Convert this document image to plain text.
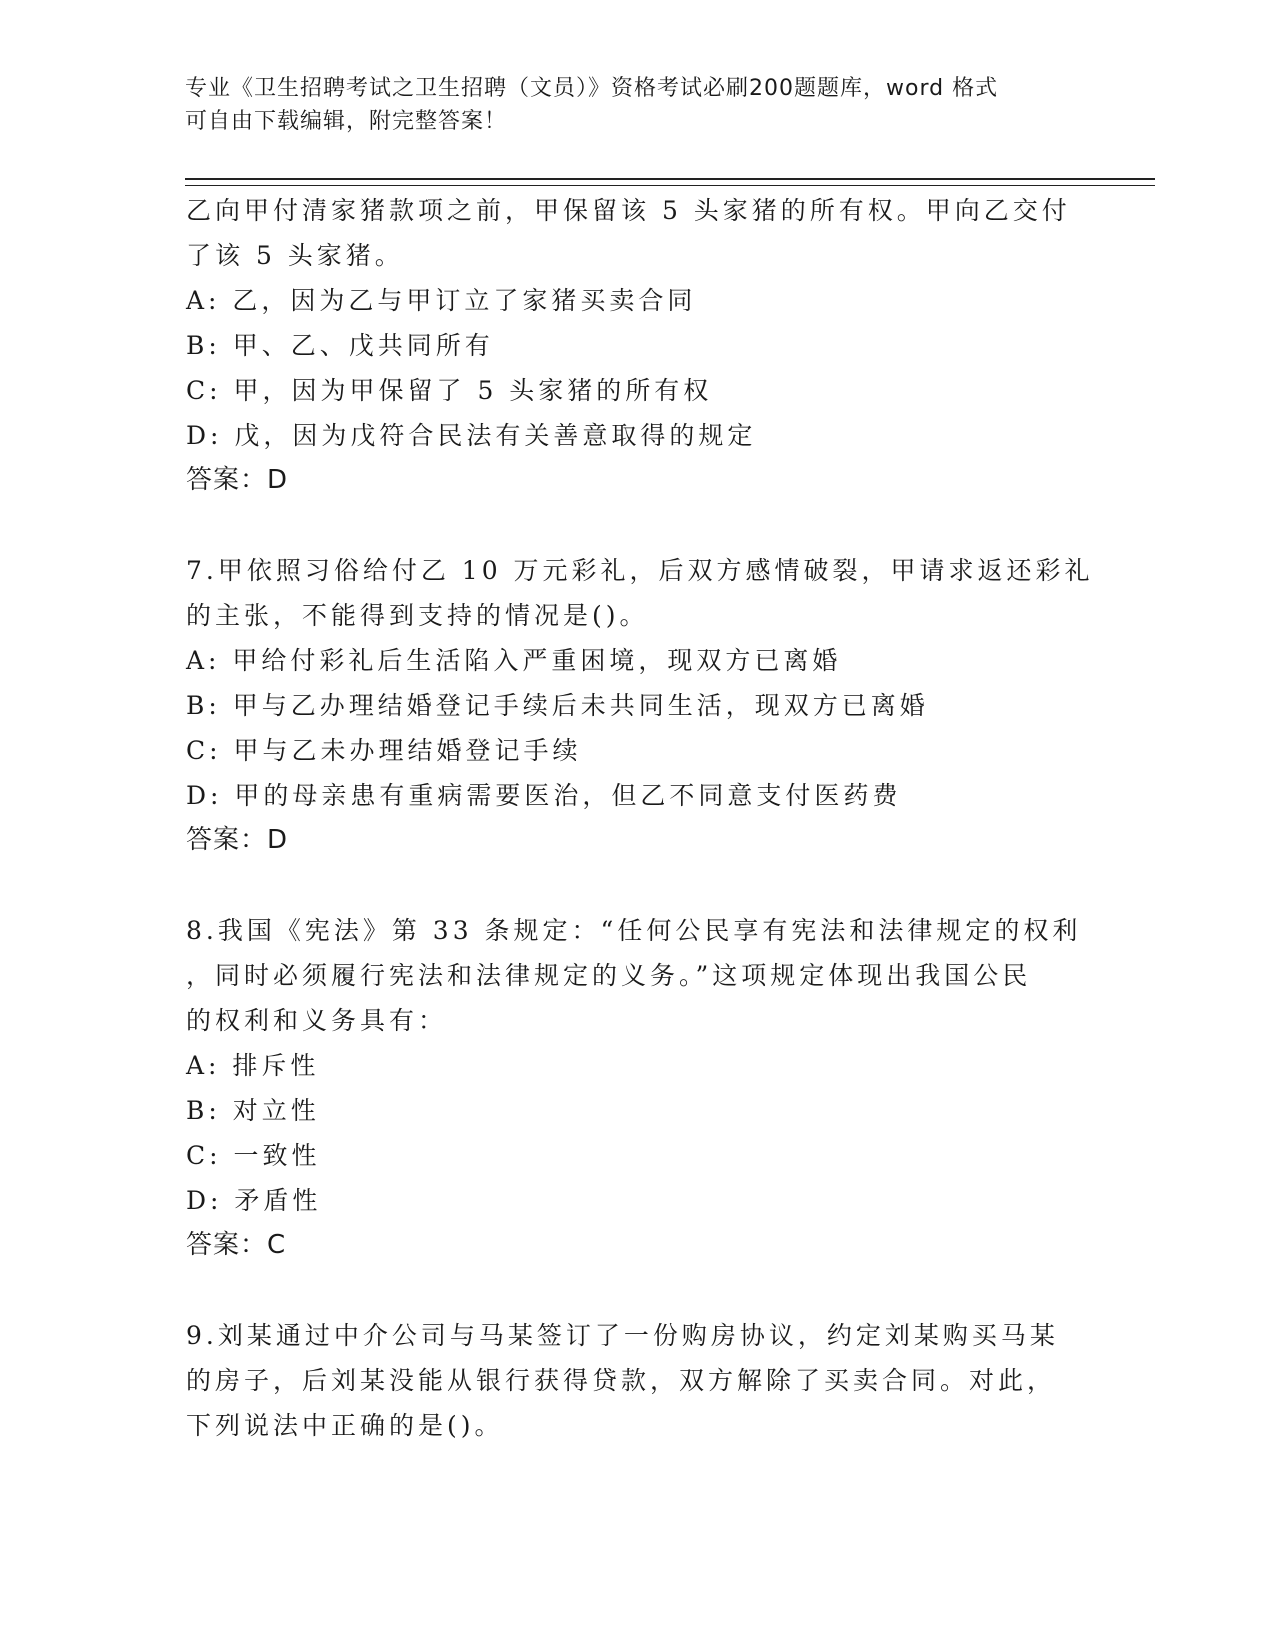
专业《卫生招聘考试之卫生招聘（文员）》资格考试必刷200题题库，word 格式
可自由下载编辑，附完整答案！
乙向甲付清家猪款项之前，甲保留该 5 头家猪的所有权。甲向乙交付
了该 5 头家猪。
A: 乙，因为乙与甲订立了家猪买卖合同
B: 甲、乙、戊共同所有
C: 甲，因为甲保留了 5 头家猪的所有权
D: 戊，因为戊符合民法有关善意取得的规定
答案：D
7.甲依照习俗给付乙 10 万元彩礼，后双方感情破裂，甲请求返还彩礼
的主张，不能得到支持的情况是()。
A: 甲给付彩礼后生活陷入严重困境，现双方已离婚
B: 甲与乙办理结婚登记手续后未共同生活，现双方已离婚
C: 甲与乙未办理结婚登记手续
D: 甲的母亲患有重病需要医治，但乙不同意支付医药费
答案：D
8.我国《宪法》第 33 条规定：“任何公民享有宪法和法律规定的权利
，同时必须履行宪法和法律规定的义务。”这项规定体现出我国公民
的权利和义务具有：
A: 排斥性
B: 对立性
C: 一致性
D: 矛盾性
答案：C
9.刘某通过中介公司与马某签订了一份购房协议，约定刘某购买马某
的房子，后刘某没能从银行获得贷款，双方解除了买卖合同。对此，
下列说法中正确的是()。
